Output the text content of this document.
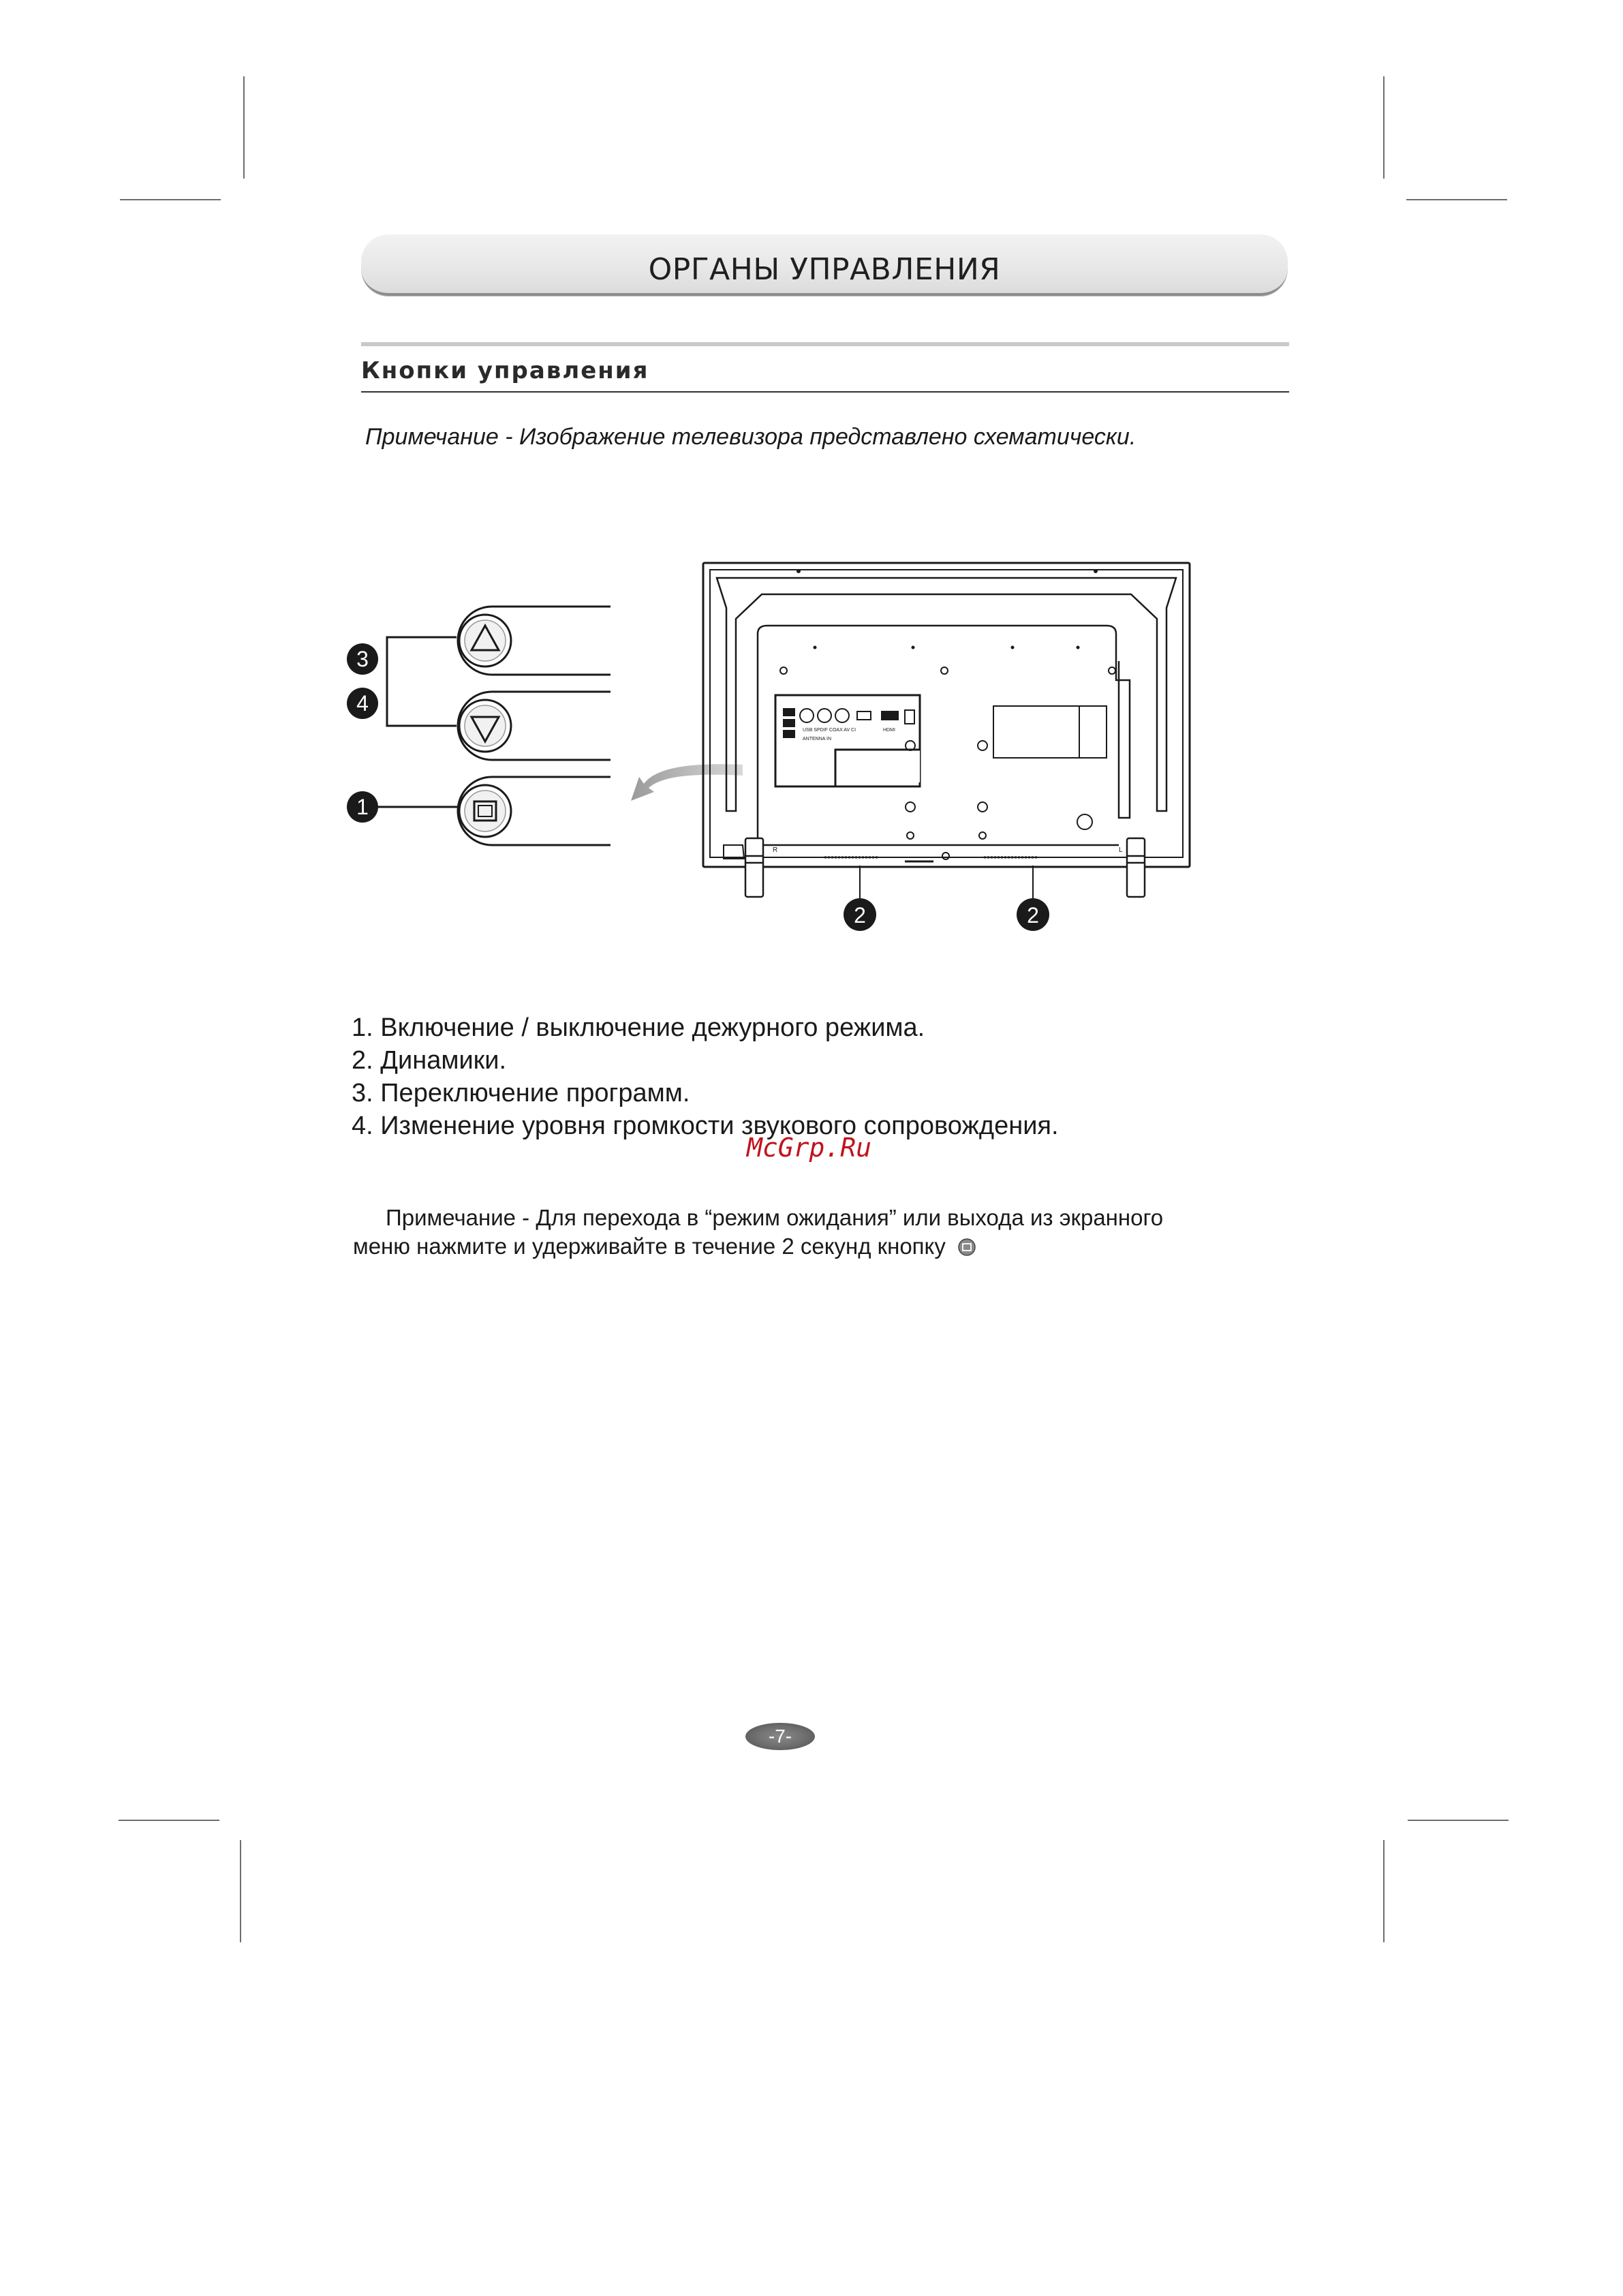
ОРГАНЫ УПРАВЛЕНИЯ
Кнопки управления
Примечание - Изображение телевизора представлено схематически.
3
4
1
USB SPDIF COAX AV CI	HDMI
ANTENNA IN
R	L
2	2
1. Включение / выключение дежурного режима.
2. Динамики.
3. Переключение программ.
4. Изменение уровня громкости звукового сопровождения.
McGrp.Ru
Примечание - Для перехода в “режим ожидания” или выхода из экранного
меню нажмите и удерживайте в течение 2 секунд кнопку
-7-
